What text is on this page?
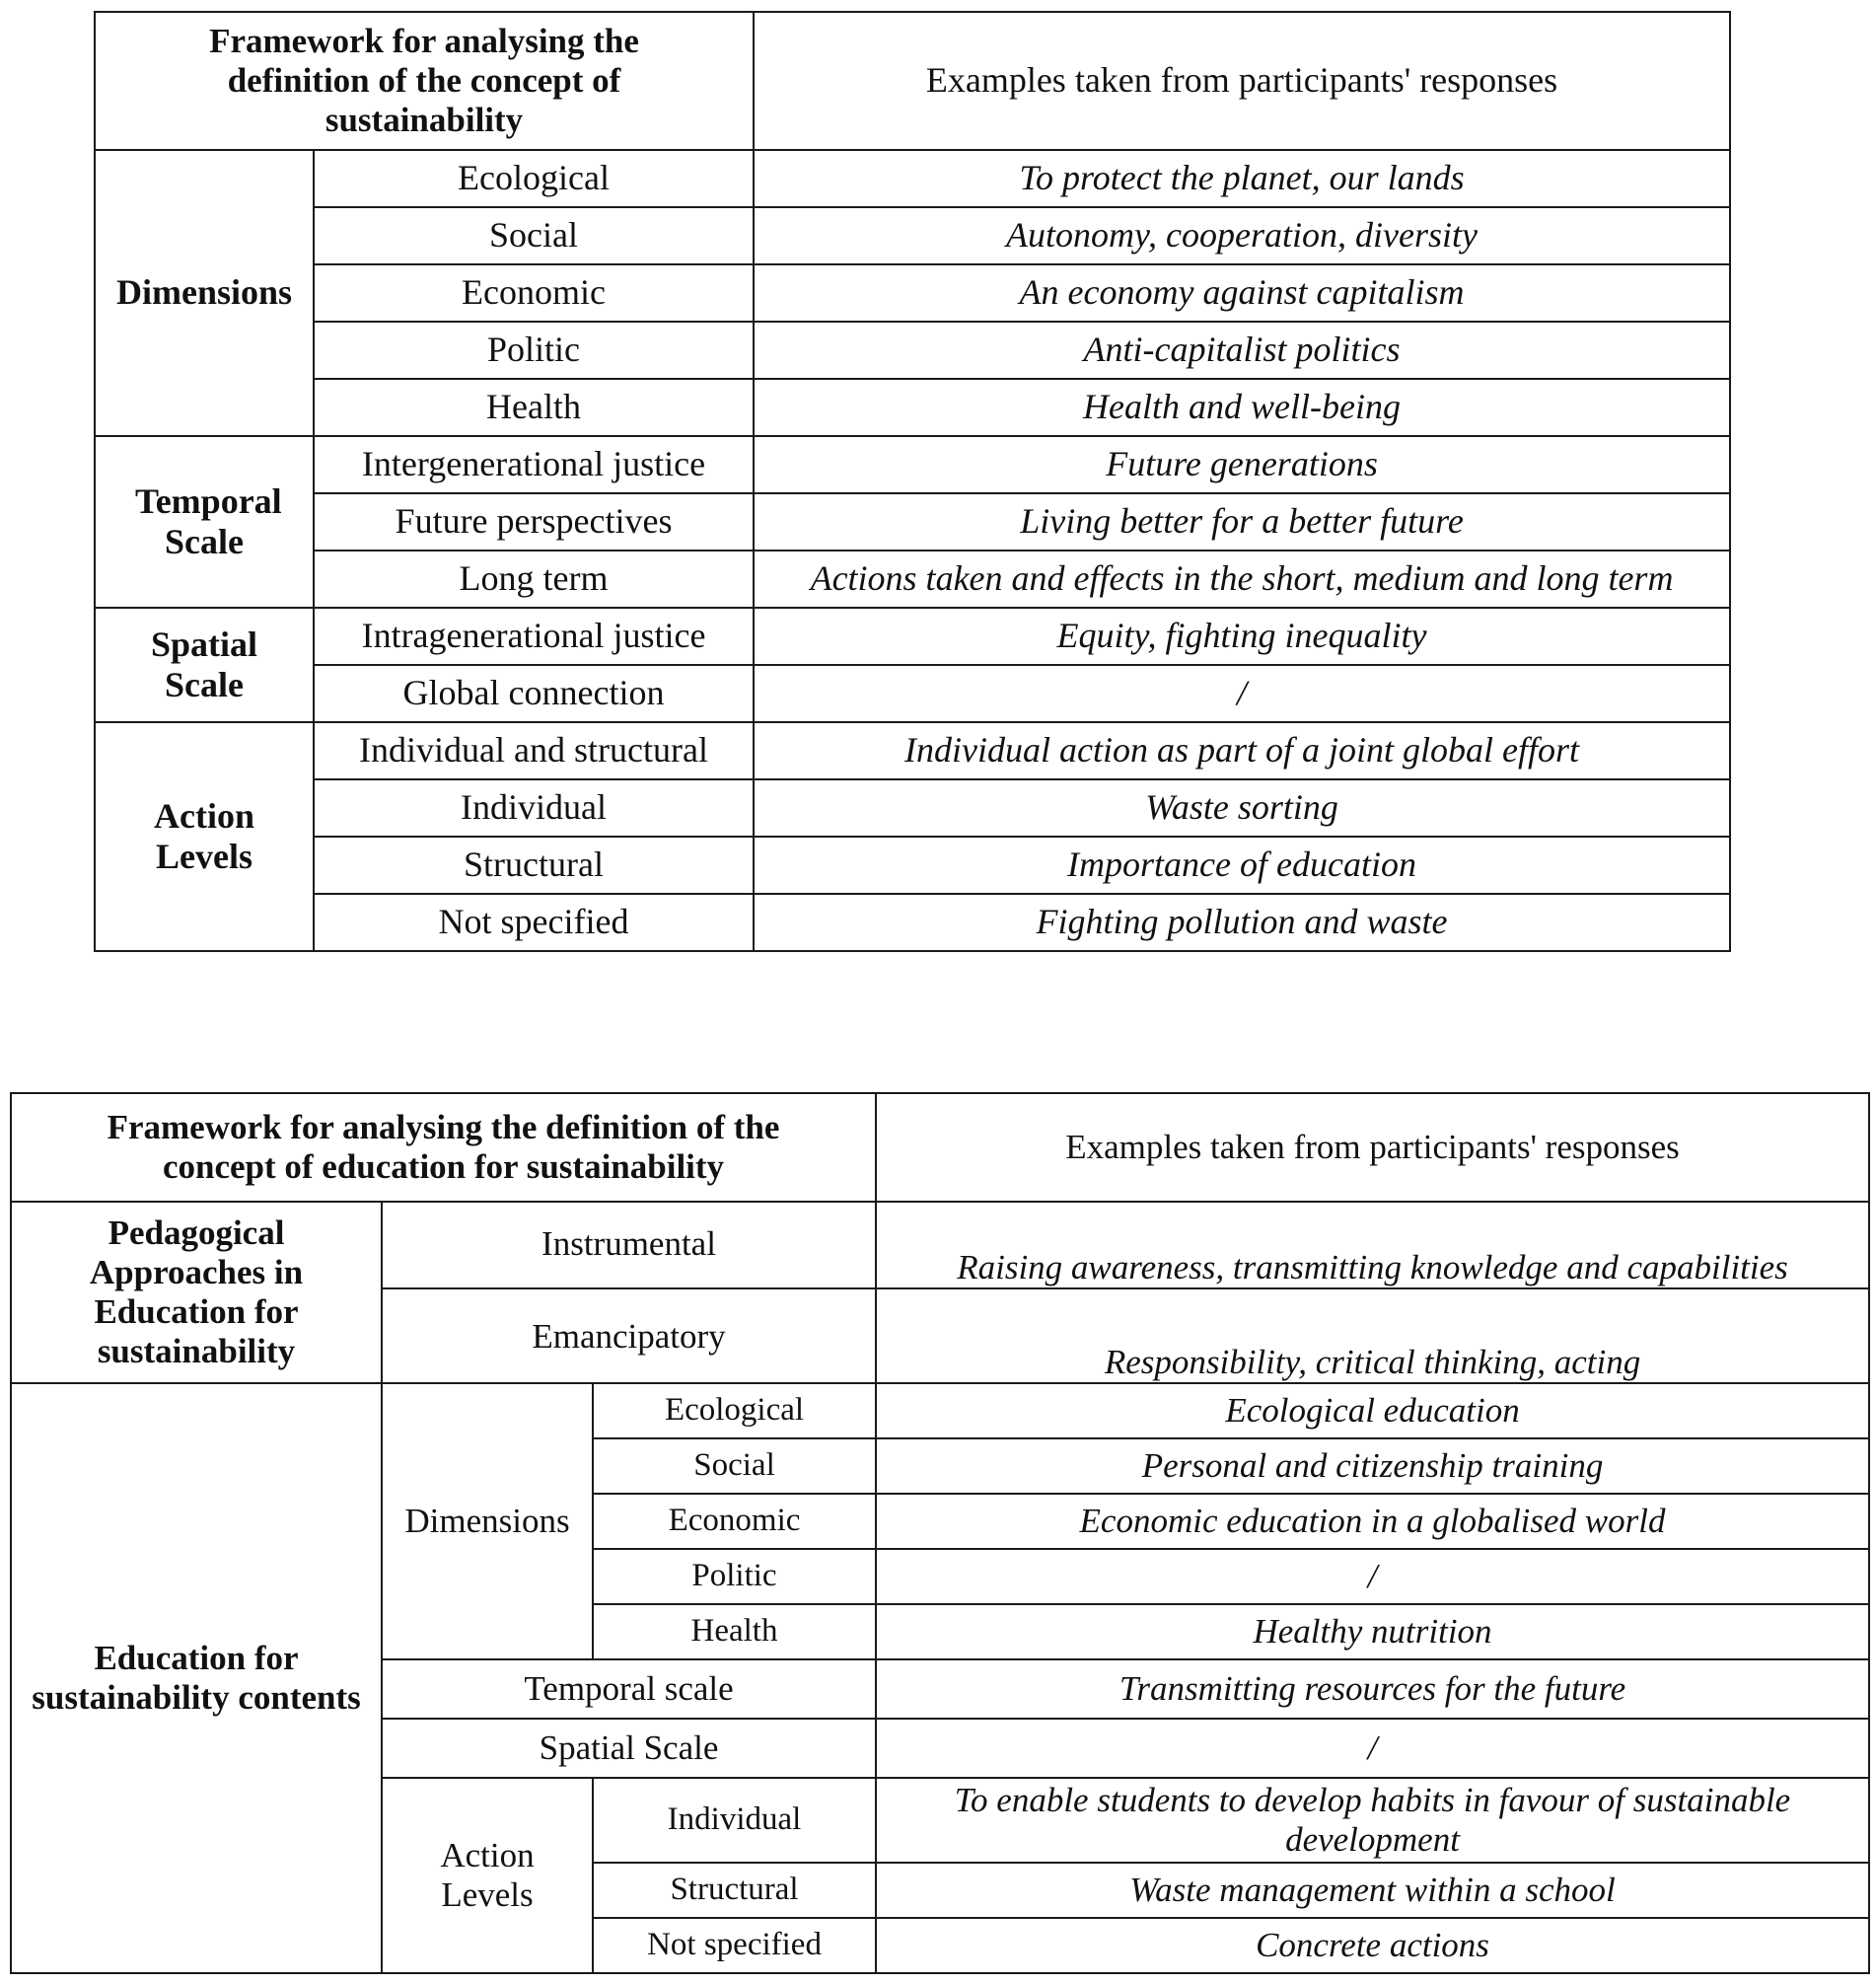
Framework for analysing the definition of the concept of sustainability		Examples taken from participants' responses
Dimensions	Ecological	To protect the planet, our lands
	Social	Autonomy, cooperation, diversity
	Economic	An economy against capitalism
	Politic	Anti-capitalist politics
	Health	Health and well-being
Temporal Scale	Intergenerational justice	Future generations
	Future perspectives	Living better for a better future
	Long term	Actions taken and effects in the short, medium and long term
Spatial Scale	Intragenerational justice	Equity, fighting inequality
	Global connection	/
Action Levels	Individual and structural	Individual action as part of a joint global effort
	Individual	Waste sorting
	Structural	Importance of education
	Not specified	Fighting pollution and waste
Framework for analysing the definition of the concept of education for sustainability			Examples taken from participants' responses
Pedagogical Approaches in Education for sustainability	Instrumental		Raising awareness, transmitting knowledge and capabilities
	Emancipatory		Responsibility, critical thinking, acting
Education for sustainability contents	Dimensions	Ecological	Ecological education
		Social	Personal and citizenship training
		Economic	Economic education in a globalised world
		Politic	/
		Health	Healthy nutrition
	Temporal scale		Transmitting resources for the future
	Spatial Scale		/
	Action Levels	Individual	To enable students to develop habits in favour of sustainable development
		Structural	Waste management within a school
		Not specified	Concrete actions
